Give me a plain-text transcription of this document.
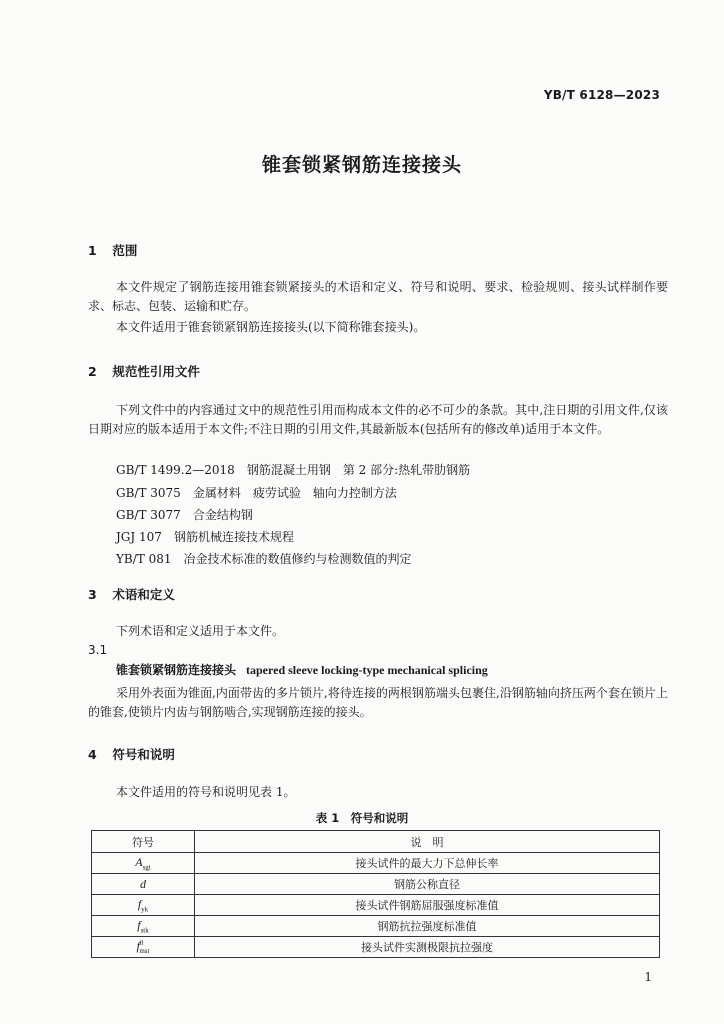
YB/T 6128—2023
锥套锁紧钢筋连接接头
1 范围
本文件规定了钢筋连接用锥套锁紧接头的术语和定义、符号和说明、要求、检验规则、接头试样制作要求、标志、包装、运输和贮存。
本文件适用于锥套锁紧钢筋连接接头(以下简称锥套接头)。
2 规范性引用文件
下列文件中的内容通过文中的规范性引用而构成本文件的必不可少的条款。其中,注日期的引用文件,仅该日期对应的版本适用于本文件;不注日期的引用文件,其最新版本(包括所有的修改单)适用于本文件。
GB/T 1499.2—2018　 钢筋混凝土用钢　第 2 部分:热轧带肋钢筋
GB/T 3075　 金属材料　疲劳试验　轴向力控制方法
GB/T 3077　 合金结构钢
JGJ 107　 钢筋机械连接技术规程
YB/T 081　 冶金技术标准的数值修约与检测数值的判定
3 术语和定义
下列术语和定义适用于本文件。
3.1
锥套锁紧钢筋连接接头 tapered sleeve locking-type mechanical splicing
采用外表面为锥面,内面带齿的多片锁片,将待连接的两根钢筋端头包裹住,沿钢筋轴向挤压两个套在锁片上的锥套,使锁片内齿与钢筋啮合,实现钢筋连接的接头。
4 符号和说明
本文件适用的符号和说明见表 1。
表 1　符号和说明
符号	说　明
$A_{sgt}$	接头试件的最大力下总伸长率
d	钢筋公称直径
$f_{yk}$	接头试件钢筋屈服强度标准值
$f_{stk}$	钢筋抗拉强度标准值
$f^0_{mst}$	接头试件实测极限抗拉强度
1
